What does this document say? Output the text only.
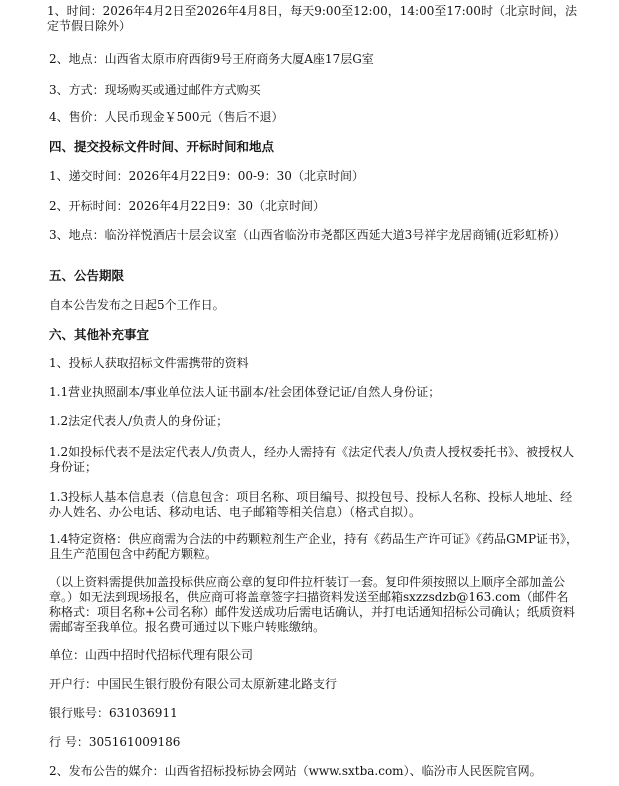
1、时间：2026年4月2日至2026年4月8日，每天9:00至12:00，14:00至17:00时（北京时间，法定节假日除外）

2、地点：山西省太原市府西街9号王府商务大厦A座17层G室

3、方式：现场购买或通过邮件方式购买

4、售价：人民币现金￥500元（售后不退）

四、提交投标文件时间、开标时间和地点

1、递交时间：2026年4月22日9：00-9：30（北京时间）

2、开标时间：2026年4月22日9：30（北京时间）

3、地点：临汾祥悦酒店十层会议室（山西省临汾市尧都区西延大道3号祥宇龙居商铺(近彩虹桥)）

五、公告期限

自本公告发布之日起5个工作日。

六、其他补充事宜

1、投标人获取招标文件需携带的资料

1.1营业执照副本/事业单位法人证书副本/社会团体登记证/自然人身份证；

1.2法定代表人/负责人的身份证；

1.2如投标代表不是法定代表人/负责人，经办人需持有《法定代表人/负责人授权委托书》、被授权人身份证；

1.3投标人基本信息表（信息包含：项目名称、项目编号、拟投包号、投标人名称、投标人地址、经办人姓名、办公电话、移动电话、电子邮箱等相关信息）（格式自拟）。

1.4特定资格：供应商需为合法的中药颗粒剂生产企业，持有《药品生产许可证》《药品GMP证书》，且生产范围包含中药配方颗粒。

（以上资料需提供加盖投标供应商公章的复印件拉杆装订一套。复印件须按照以上顺序全部加盖公章。）如无法到现场报名，供应商可将盖章签字扫描资料发送至邮箱sxzzsdzb@163.com（邮件名称格式：项目名称+公司名称）邮件发送成功后需电话确认，并打电话通知招标公司确认；纸质资料需邮寄至我单位。报名费可通过以下账户转账缴纳。

单位：山西中招时代招标代理有限公司

开户行：中国民生银行股份有限公司太原新建北路支行

银行账号：631036911

行 号：305161009186

2、发布公告的媒介：山西省招标投标协会网站（www.sxtba.com）、临汾市人民医院官网。
